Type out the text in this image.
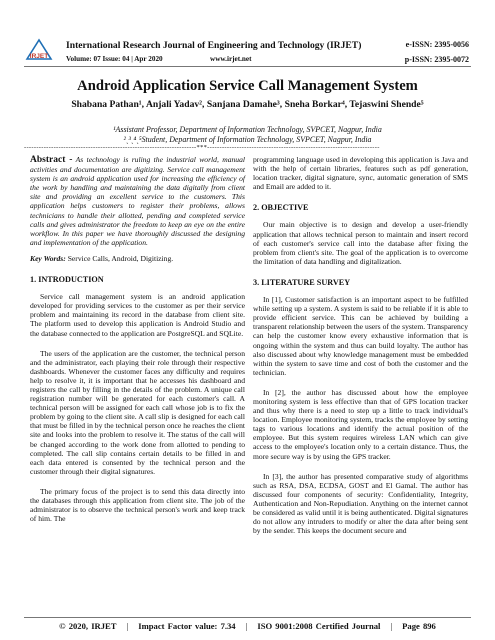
IRJET
International Research Journal of Engineering and Technology (IRJET)
Volume: 07 Issue: 04 | Apr 2020	www.irjet.net
e-ISSN: 2395-0056
p-ISSN: 2395-0072
Android Application Service Call Management System
Shabana Pathan¹, Anjali Yadav², Sanjana Damahe³, Sneha Borkar⁴, Tejaswini Shende⁵
¹Assistant Professor, Department of Information Technology, SVPCET, Nagpur, India
²ˎ³ˎ⁴ˎ⁵Student, Department of Information Technology, SVPCET, Nagpur, India
----------------------------------------------------------------------***----------------------------------------------------------------------
Abstract - As technology is ruling the industrial world, manual activities and documentation are digitizing. Service call management system is an android application used for increasing the efficiency of the work by handling and maintaining the data digitally from client site and providing an excellent service to the customers. This application helps customers to register their problems, allows technicians to handle their allotted, pending and completed service calls and gives administrator the freedom to keep an eye on the entire workflow. In this paper we have thoroughly discussed the designing and implementation of the application.
Key Words: Service Calls, Android, Digitizing.
1. INTRODUCTION

Service call management system is an android application developed for providing services to the customer as per their service problem and maintaining its record in the database from client site. The platform used to develop this application is Android Studio and the database connected to the application are PostgreSQL and SQLite.

The users of the application are the customer, the technical person and the administrator, each playing their role through their respective dashboards. Whenever the customer faces any difficulty and requires help to resolve it, it is important that he accesses his dashboard and registers the call by filling in the details of the problem. A unique call registration number will be generated for each customer's call. A technical person will be assigned for each call whose job is to fix the problem by going to the client site. A call slip is designed for each call that must be filled in by the technical person once he reaches the client site and looks into the problem to resolve it. The status of the call will be changed according to the work done from allotted to pending to completed. The call slip contains certain details to be filled in and each data entered is consented by the technical person and the customer through their digital signatures.

The primary focus of the project is to send this data directly into the databases through this application from client site. The job of the administrator is to observe the technical person's work and keep track of him. The

programming language used in developing this application is Java and with the help of certain libraries, features such as pdf generation, location tracker, digital signature, sync, automatic generation of SMS and Email are added to it.

2. OBJECTIVE

Our main objective is to design and develop a user-friendly application that allows technical person to maintain and insert record of each customer's service call into the database after fixing the problem from client's site. The goal of the application is to overcome the limitation of data handling and digitalization.

3. LITERATURE SURVEY

In [1], Customer satisfaction is an important aspect to be fulfilled while setting up a system. A system is said to be reliable if it is able to provide efficient service. This can be achieved by building a transparent relationship between the users of the system. Transparency can help the customer know every exhaustive information that is ongoing within the system and thus can build loyalty. The author has also discussed about why knowledge management must be embedded within the system to save time and cost of both the customer and the technician.

In [2], the author has discussed about how the employee monitoring system is less effective than that of GPS location tracker and thus why there is a need to step up a little to track individual's location. Employee monitoring system, tracks the employee by setting tags to various locations and identify the actual position of the employee. But this system requires wireless LAN which can give access to the employee's location only to a certain distance. Thus, the more secure way is by using the GPS tracker.

In [3], the author has presented comparative study of algorithms such as RSA, DSA, ECDSA, GOST and El Gamal. The author has discussed four components of security: Confidentiality, Integrity, Authentication and Non-Repudiation. Anything on the internet cannot be considered as valid until it is being authenticated. Digital signatures do not allow any intruders to modify or alter the data after being sent by the sender. This keeps the document secure and

© 2020, IRJET | Impact Factor value: 7.34 | ISO 9001:2008 Certified Journal | Page 896
